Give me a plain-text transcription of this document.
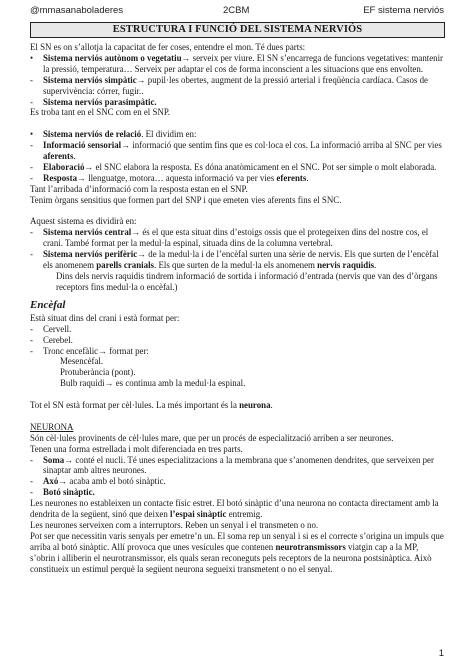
@mmasanaboladeres	2CBM	EF sistema nerviós
ESTRUCTURA I FUNCIÓ DEL SISTEMA NERVIÓS

El SN es on s’allotja la capacitat de fer coses, entendre el mon. Té dues parts:

• Sistema nerviós autònom o vegetatiu→ serveix per viure. El SN s’encarrega de funcions vegetatives: mantenir la pressió, temperatura… Serveix per adaptar el cos de forma inconscient a les situacions que ens envolten.

- Sistema nerviós simpàtic→ pupil·les obertes, augment de la pressió arterial i freqüència cardíaca. Casos de supervivència: córrer, fugir..

- Sistema nerviós parasimpàtic.

Es troba tant en el SNC com en el SNP.

• Sistema nerviós de relació. El dividim en:

- Informació sensorial→ informació que sentim fins que es col·loca el cos. La informació arriba al SNC per vies aferents.

- Elaboració→ el SNC elabora la resposta. Es dóna anatòmicament en el SNC. Pot ser simple o molt elaborada.

- Resposta→ llenguatge, motora… aquesta informació va per vies eferents.

Tant l’arribada d’informació com la resposta estan en el SNP.

Tenim òrgans sensitius que formen part del SNP i que emeten vies aferents fins el SNC.

Aquest sistema es dividirà en:

- Sistema nerviós central→ és el que esta situat dins d’estoigs ossis que el protegeixen dins del nostre cos, el crani. També format per la medul·la espinal, situada dins de la columna vertebral.

- Sistema nerviós perifèric→ de la medul·la i de l’encèfal surten una sèrie de nervis. Els que surten de l’encèfal els anomenem parells cranials. Els que surten de la medul·la els anomenem nervis raquidis.

Dins dels nervis raquidis tindrem informació de sortida i informació d’entrada (nervis que van des d’òrgans receptors fins medul·la o encèfal.)

Encèfal

Està situat dins del crani i està format per:

- Cervell.

- Cerebel.

- Tronc encefàlic→ format per:

Mesencèfal.

Protuberància (pont).

Bulb raquidi→ es continua amb la medul·la espinal.

Tot el SN està format per cèl·lules. La més important és la neurona.

NEURONA

Són cèl·lules provinents de cèl·lules mare, que per un procés de especialització arriben a ser neurones.

Tenen una forma estrellada i molt diferenciada en tres parts.

- Soma→ conté el nucli. Té unes especialitzacions a la membrana que s’anomenen dendrites, que serveixen per sinaptar amb altres neurones.

- Axó→ acaba amb el botó sinàptic.

- Botó sinàptic.

Les neurones no estableixen un contacte físic estret. El botó sinàptic d’una neurona no contacta directament amb la dendrita de la següent, sinó que deixen l’espai sinàptic entremig.

Les neurones serveixen com a interruptors. Reben un senyal i el transmeten o no.

Pot ser que necessitin varis senyals per emetre’n un. El soma rep un senyal i si es el correcte s’origina un impuls que arriba al botó sinàptic. Allí provoca que unes vesícules que contenen neurotransmissors viatgin cap a la MP, s’obrin i alliberin el neurotransmissor, els quals seran reconeguts pels receptors de la neurona postsinàptica. Això constitueix un estímul perquè la següent neurona segueixi transmetent o no el senyal.

1
